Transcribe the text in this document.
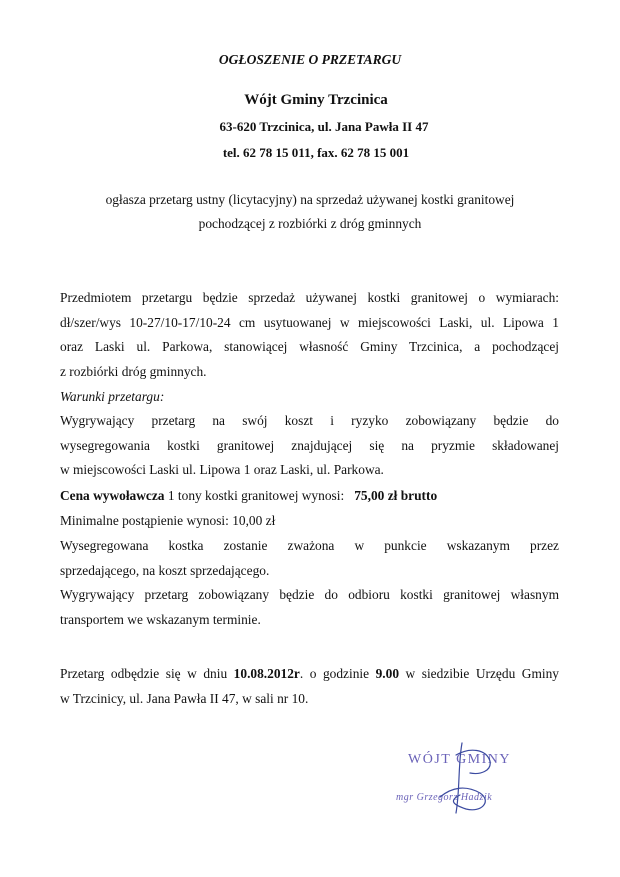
OGŁOSZENIE O PRZETARGU
Wójt Gminy Trzcinica
63-620 Trzcinica, ul. Jana Pawła II 47
tel. 62 78 15 011, fax. 62 78 15 001
ogłasza przetarg ustny (licytacyjny) na sprzedaż używanej kostki granitowej
pochodzącej z rozbiórki z dróg gminnych
Przedmiotem przetargu będzie sprzedaż używanej kostki granitowej o wymiarach:
dł/szer/wys 10-27/10-17/10-24 cm usytuowanej w miejscowości Laski, ul. Lipowa 1
oraz Laski ul. Parkowa, stanowiącej własność Gminy Trzcinica, a pochodzącej
z rozbiórki dróg gminnych.
Warunki przetargu:
Wygrywający przetarg na swój koszt i ryzyko zobowiązany będzie do
wysegregowania kostki granitowej znajdującej się na pryzmie składowanej
w miejscowości Laski ul. Lipowa 1 oraz Laski, ul. Parkowa.
Cena wywoławcza 1 tony kostki granitowej wynosi:   75,00 zł brutto
Minimalne postąpienie wynosi: 10,00 zł
Wysegregowana kostka zostanie zważona w punkcie wskazanym przez
sprzedającego, na koszt sprzedającego.
Wygrywający przetarg zobowiązany będzie do odbioru kostki granitowej własnym
transportem we wskazanym terminie.
Przetarg odbędzie się w dniu 10.08.2012r. o godzinie 9.00 w siedzibie Urzędu Gminy
w Trzcinicy, ul. Jana Pawła II 47, w sali nr 10.
WÓJT GMINY
mgr Grzegorz Hadzik
